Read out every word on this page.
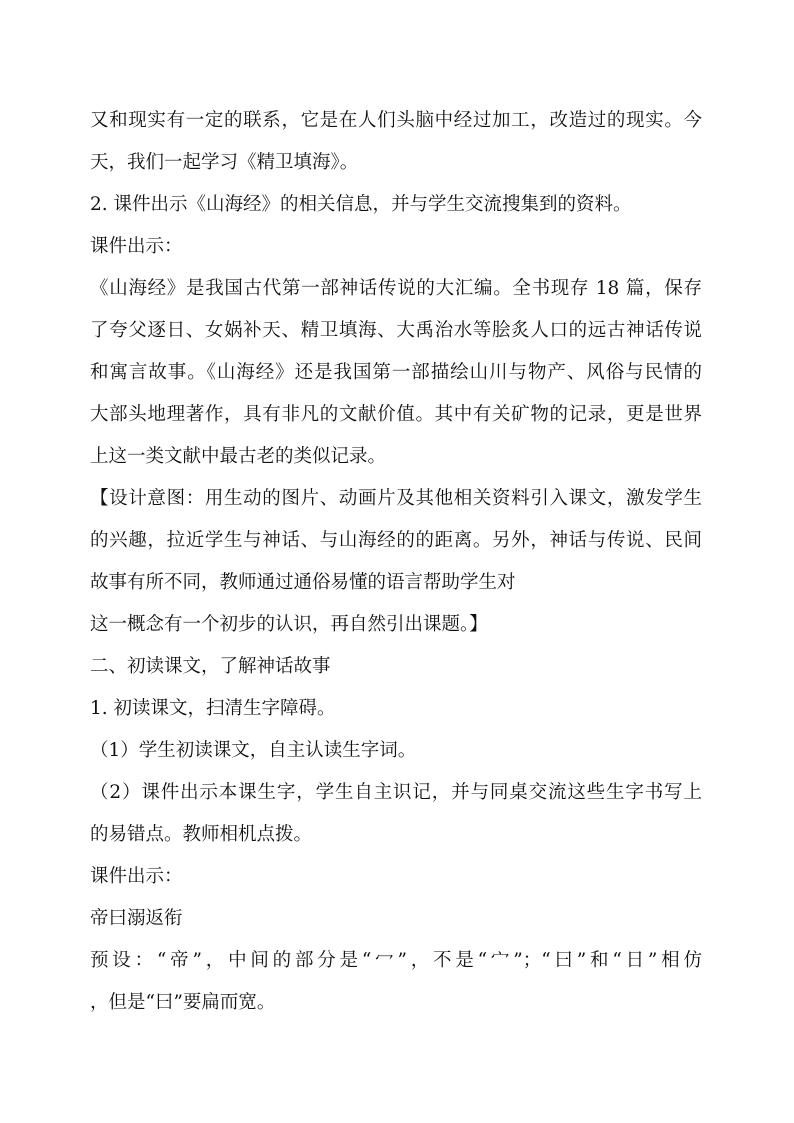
又和现实有一定的联系，它是在人们头脑中经过加工，改造过的现实。今

天，我们一起学习《精卫填海》。

2. 课件出示《山海经》的相关信息，并与学生交流搜集到的资料。

课件出示：

《山海经》是我国古代第一部神话传说的大汇编。全书现存 18 篇，保存

了夸父逐日、女娲补天、精卫填海、大禹治水等脍炙人口的远古神话传说

和寓言故事。《山海经》还是我国第一部描绘山川与物产、风俗与民情的

大部头地理著作，具有非凡的文献价值。其中有关矿物的记录，更是世界

上这一类文献中最古老的类似记录。

【设计意图：用生动的图片、动画片及其他相关资料引入课文，激发学生

的兴趣，拉近学生与神话、与山海经的的距离。另外，神话与传说、民间

故事有所不同，教师通过通俗易懂的语言帮助学生对

这一概念有一个初步的认识，再自然引出课题。】

二、初读课文，了解神话故事

1. 初读课文，扫清生字障碍。

（1）学生初读课文，自主认读生字词。

（2）课件出示本课生字，学生自主识记，并与同桌交流这些生字书写上

的易错点。教师相机点拨。

课件出示：

帝曰溺返衔

预设：“帝”，中间的部分是“冖”，不是“宀”；“曰”和“日”相仿

，但是“曰”要扁而宽。
